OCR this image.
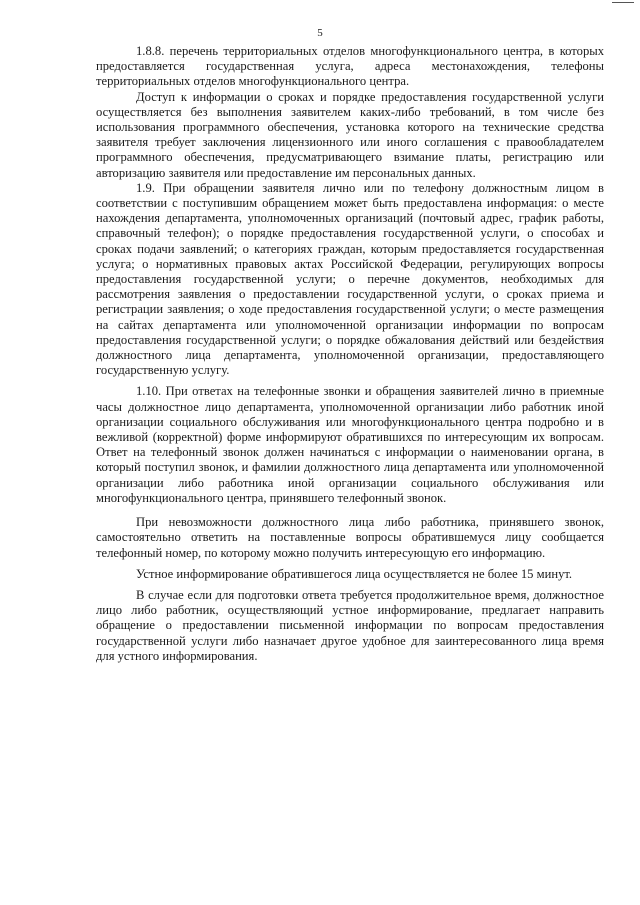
5

1.8.8. перечень территориальных отделов многофункционального центра, в которых предоставляется государственная услуга, адреса местонахождения, телефоны территориальных отделов многофункционального центра.

Доступ к информации о сроках и порядке предоставления государственной услуги осуществляется без выполнения заявителем каких-либо требований, в том числе без использования программного обеспечения, установка которого на технические средства заявителя требует заключения лицензионного или иного соглашения с правообладателем программного обеспечения, предусматривающего взимание платы, регистрацию или авторизацию заявителя или предоставление им персональных данных.

1.9. При обращении заявителя лично или по телефону должностным лицом в соответствии с поступившим обращением может быть предоставлена информация: о месте нахождения департамента, уполномоченных организаций (почтовый адрес, график работы, справочный телефон); о порядке предоставления государственной услуги, о способах и сроках подачи заявлений; о категориях граждан, которым предоставляется государственная услуга; о нормативных правовых актах Российской Федерации, регулирующих вопросы предоставления государственной услуги; о перечне документов, необходимых для рассмотрения заявления о предоставлении государственной услуги, о сроках приема и регистрации заявления; о ходе предоставления государственной услуги; о месте размещения на сайтах департамента или уполномоченной организации информации по вопросам предоставления государственной услуги; о порядке обжалования действий или бездействия должностного лица департамента, уполномоченной организации, предоставляющего государственную услугу.

1.10. При ответах на телефонные звонки и обращения заявителей лично в приемные часы должностное лицо департамента, уполномоченной организации либо работник иной организации социального обслуживания или многофункционального центра подробно и в вежливой (корректной) форме информируют обратившихся по интересующим их вопросам. Ответ на телефонный звонок должен начинаться с информации о наименовании органа, в который поступил звонок, и фамилии должностного лица департамента или уполномоченной организации либо работника иной организации социального обслуживания или многофункционального центра, принявшего телефонный звонок.

При невозможности должностного лица либо работника, принявшего звонок, самостоятельно ответить на поставленные вопросы обратившемуся лицу сообщается телефонный номер, по которому можно получить интересующую его информацию.

Устное информирование обратившегося лица осуществляется не более 15 минут.

В случае если для подготовки ответа требуется продолжительное время, должностное лицо либо работник, осуществляющий устное информирование, предлагает направить обращение о предоставлении письменной информации по вопросам предоставления государственной услуги либо назначает другое удобное для заинтересованного лица время для устного информирования.
